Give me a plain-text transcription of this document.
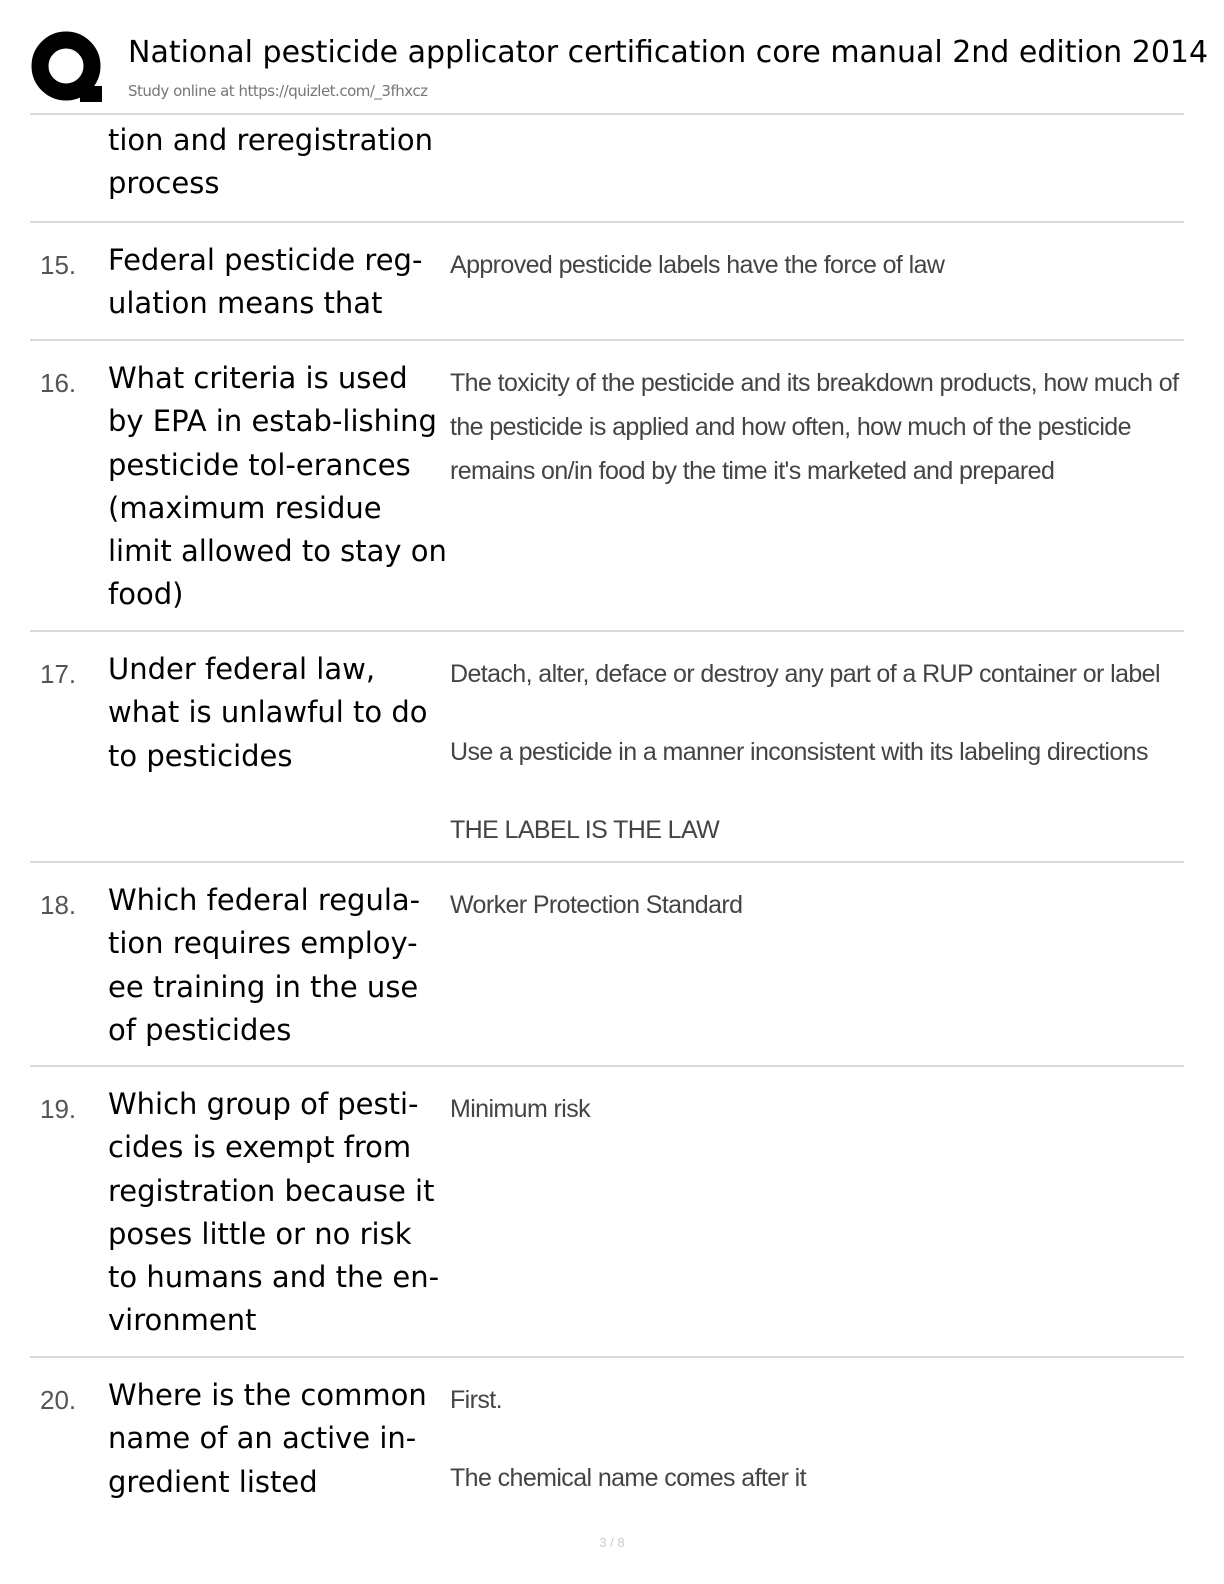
National pesticide applicator certification core manual 2nd edition 2014
Study online at https://quizlet.com/_3fhxcz
tion and reregistration process
15. Federal pesticide reg-ulation means that

Approved pesticide labels have the force of law

16. What criteria is used by EPA in estab-lishing pesticide tol-erances (maximum residue limit allowed to stay on food)

The toxicity of the pesticide and its breakdown products, how much of the pesticide is applied and how often, how much of the pesticide remains on/in food by the time it's marketed and prepared

17. Under federal law, what is unlawful to do to pesticides

Detach, alter, deface or destroy any part of a RUP container or label

Use a pesticide in a manner inconsistent with its labeling directions

THE LABEL IS THE LAW

18. Which federal regula-tion requires employ-ee training in the use of pesticides

Worker Protection Standard

19. Which group of pesti-cides is exempt from registration because it poses little or no risk to humans and the en-vironment

Minimum risk

20. Where is the common name of an active in-gredient listed

First.

The chemical name comes after it

3 / 8
